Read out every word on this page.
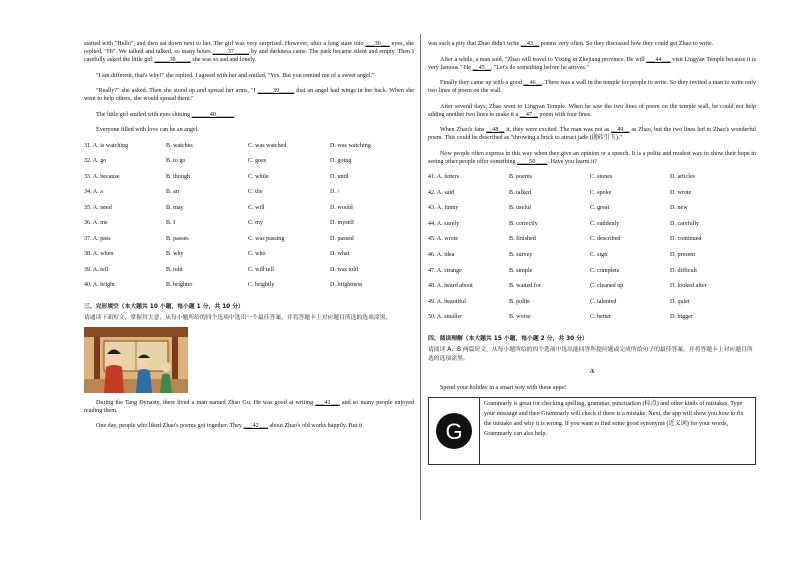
started with "Hello", and then sat down next to her. The girl was very surprised. However, after a long stare into ___36___ eyes, she replied, "Hi". We talked and talked, so many hours _____37_____ by and darkness came. The park became silent and empty. Then I carefully asked the little girl _____38_____ she was so sad and lonely.

"I am different, that's why!" she replied. I agreed with her and smiled, "Yes. But you remind me of a sweet angel."

"Really?" she asked. Then she stood up and spread her arms, "I _____39_____ that an angel had wings in her back. When she went to help others, she would spread them."

The little girl smiled with eyes shining ______40______.

Everyone filled with love can be an angel.

31. A. is watching	B. watches	C. was watched	D. was watching
32. A. go	B. to go	C. goes	D. going
33. A. because	B. though	C. while	D. until
34. A. a	B. an	C. the	D. /
35. A. need	B. may	C. will	D. would
36. A. me	B. I	C. my	D. myself
37. A. pass	B. passes	C. was passing	D. passed
38. A. when	B. why	C. who	D. what
39. A. tell	B. told	C. will tell	D. was told
40. A. bright	B. brighter	C. brightly	D. brightness
三、完形填空（本大题共 10 小题，每小题 1 分，共 10 分）
请通读下面短文，掌握其大意，从每小题所给的四个选项中选出一个最佳答案，并将答题卡上对应题目所选的选项涂黑。

During the Tang Dynasty, there lived a man named Zhao Gu. He was good at writing ___41___ and so many people enjoyed reading them.

One day, people who liked Zhao's poems got together. They ___42___ about Zhao's old works happily. But it

was such a pity that Zhao didn't write __43__ poems very often. So they discussed how they could get Zhao to write.

After a while, a man said, "Zhao will travel to Yixing in Zhejiang province. He will ___44___ visit Lingyan Temple because it is very famous." He __45__, "Let's do something before he arrives."

Finally they came up with a good __46__. There was a wall in the temple for people to write. So they invited a man to write only two lines of poem on the wall.

After several days, Zhao went to Lingyan Temple. When he saw the two lines of poem on the temple wall, he could not help adding another two lines to make it a __47__ poem with four lines.

When Zhao's fans __48__ it, they were excited. The man was not as __49__ as Zhao, but the two lines led to Zhao's wonderful poem. This could be described as "throwing a brick to attract jade (抛砖引玉)."

Now people often express in this way when they give an opinion or a speech. It is a polite and modest way to show their hope in seeing other people offer something ____50____. Have you learnt it?

41. A. letters	B. poems	C. stones	D. articles
42. A. said	B. talked	C. spoke	D. wrote
43. A. funny	B. useful	C. great	D. new
44. A. surely	B. correctly	C. suddenly	D. carefully
45. A. wrote	B. finished	C. described	D. continued
46. A. idea	B. survey	C. sign	D. present
47. A. strange	B. simple	C. complete	D. difficult
48. A. heard about	B. waited for	C. cleaned up	D. looked after
49. A. beautiful	B. polite	C. talented	D. quiet
50. A. smaller	B. worse	C. better	D. bigger
四、阅读理解（本大题共 15 小题，每小题 2 分，共 30 分）
请阅读 A、B 两篇短文，从每小题所给的四个选项中选出能回答所提问题或完成所给句子的最佳答案，并将答题卡上对应题目所选的选项涂黑。
A

Spend your holiday in a smart way with these apps!

G
Grammarly is great for checking spelling, grammar, punctuation (标点) and other kinds of mistakes. Type your message and then Grammarly will check if there is a mistake. Next, the app will show you how to fix the mistake and why it is wrong. If you want to find some good synonyms (近义词) for your words, Grammarly can also help.
